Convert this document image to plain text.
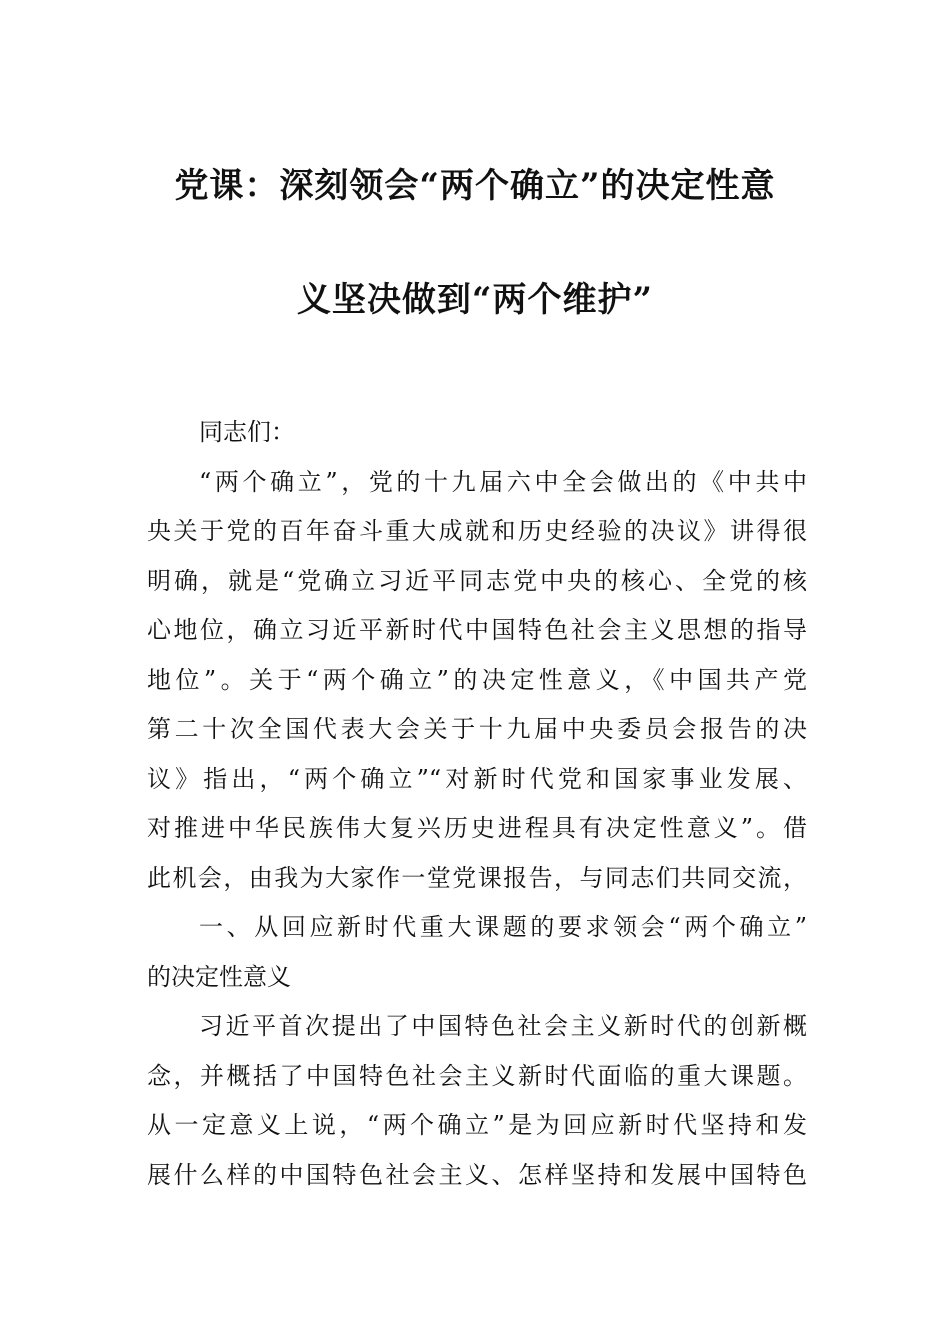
党课：深刻领会“两个确立”的决定性意
义坚决做到“两个维护”
同志们：
“两个确立”，党的十九届六中全会做出的《中共中
央关于党的百年奋斗重大成就和历史经验的决议》讲得很
明确，就是“党确立习近平同志党中央的核心、全党的核
心地位，确立习近平新时代中国特色社会主义思想的指导
地位”。关于“两个确立”的决定性意义，《中国共产党
第二十次全国代表大会关于十九届中央委员会报告的决
议》指出，“两个确立”“对新时代党和国家事业发展、
对推进中华民族伟大复兴历史进程具有决定性意义”。借
此机会，由我为大家作一堂党课报告，与同志们共同交流，
一、从回应新时代重大课题的要求领会“两个确立”
的决定性意义
习近平首次提出了中国特色社会主义新时代的创新概
念，并概括了中国特色社会主义新时代面临的重大课题。
从一定意义上说，“两个确立”是为回应新时代坚持和发
展什么样的中国特色社会主义、怎样坚持和发展中国特色
